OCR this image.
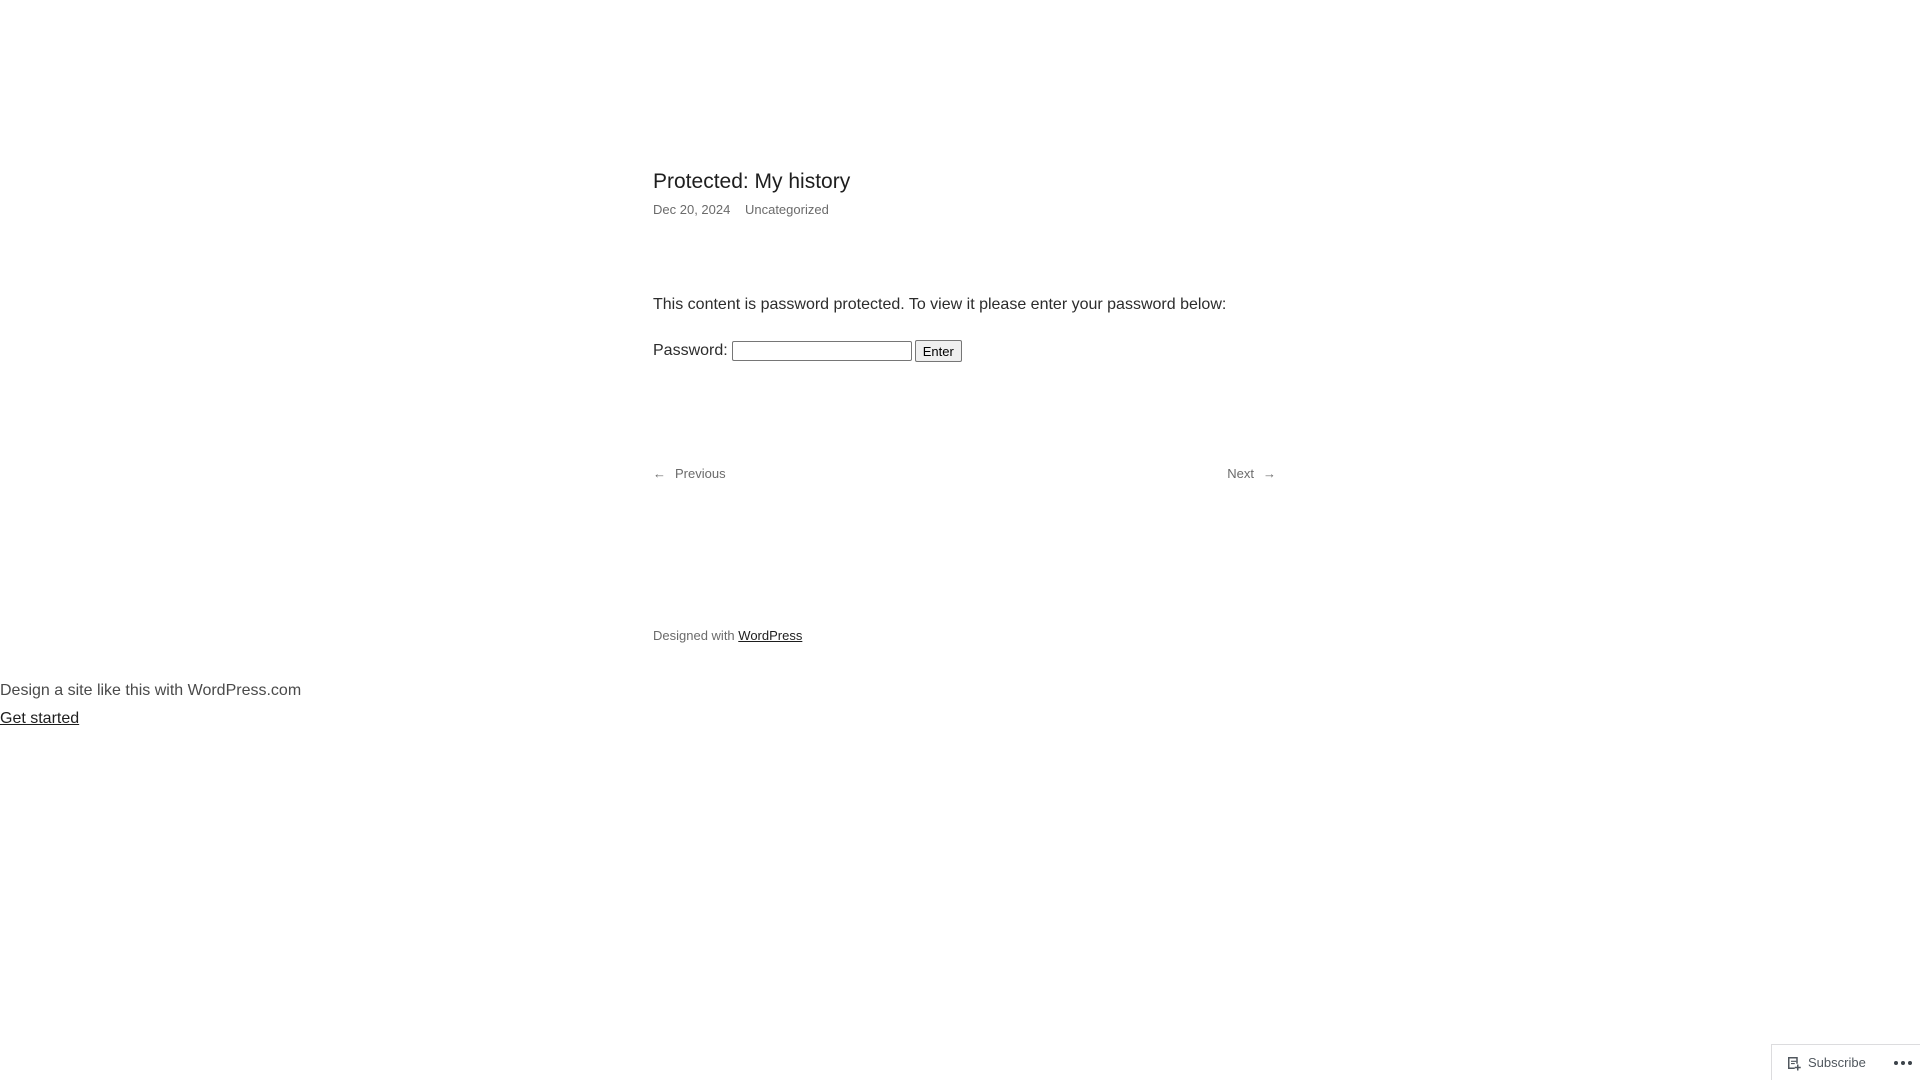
Protected: My history
Dec 20, 2024 Uncategorized

This content is password protected. To view it please enter your password below:

Password:	Enter
← Previous	Next →
Designed with WordPress
Design a site like this with WordPress.com
Get started
Subscribe
